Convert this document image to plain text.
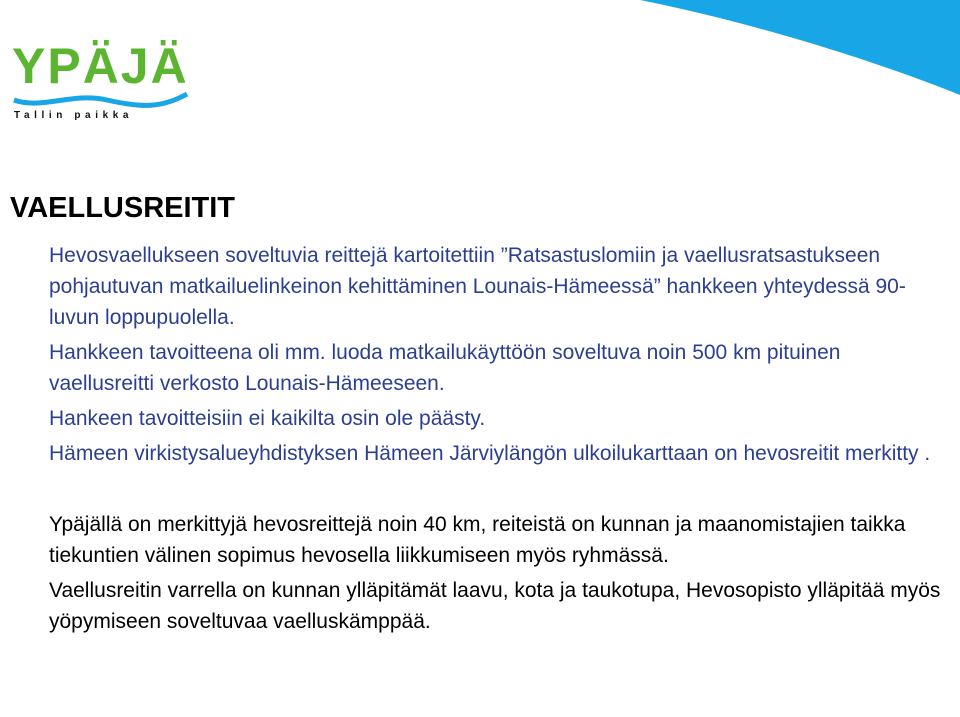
YPÄJÄ
Tallin paikka
VAELLUSREITIT

Hevosvaellukseen soveltuvia reittejä kartoitettiin ”Ratsastuslomiin ja vaellusratsastukseen pohjautuvan matkailuelinkeinon kehittäminen Lounais-Hämeessä” hankkeen yhteydessä 90-luvun loppupuolella.

Hankkeen tavoitteena oli mm. luoda matkailukäyttöön soveltuva noin 500 km pituinen vaellusreitti verkosto Lounais-Hämeeseen.

Hankeen tavoitteisiin ei kaikilta osin ole päästy.

Hämeen virkistysalueyhdistyksen Hämeen Järviylängön ulkoilukarttaan on hevosreitit merkitty .

Ypäjällä on merkittyjä hevosreittejä noin 40 km, reiteistä on kunnan ja maanomistajien taikka tiekuntien välinen sopimus hevosella liikkumiseen myös ryhmässä.

Vaellusreitin varrella on kunnan ylläpitämät laavu, kota ja taukotupa, Hevosopisto ylläpitää myös yöpymiseen soveltuvaa vaelluskämppää.
